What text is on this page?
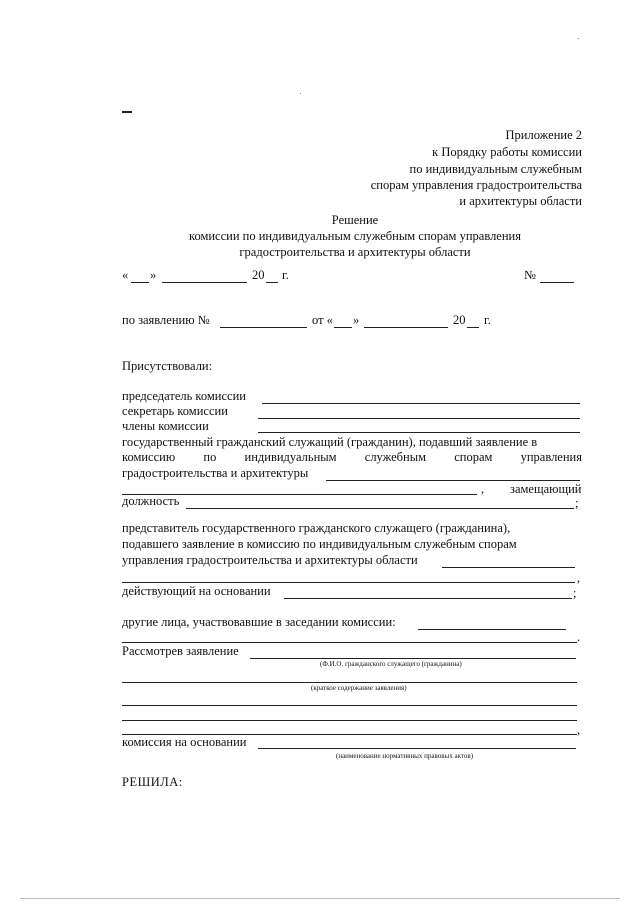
Приложение 2
к Порядку работы комиссии
по индивидуальным служебным
спорам управления градостроительства
и архитектуры области
Решение
комиссии по индивидуальным служебным спорам управления
градостроительства и архитектуры области
« »	20 г.	№
по заявлению №	от « »	20 г.
Присутствовали:
председатель комиссии
секретарь комиссии
члены комиссии
государственный гражданский служащий (гражданин), подавший заявление в
комиссию по индивидуальным служебным спорам управления
градостроительства и архитектуры
, замещающий
должность	;
представитель государственного гражданского служащего (гражданина),
подавшего заявление в комиссию по индивидуальным служебным спорам
управления градостроительства и архитектуры области
,
действующий на основании	;
другие лица, участвовавшие в заседании комиссии:
.
Рассмотрев заявление
(Ф.И.О. гражданского служащего (гражданина)
(краткое содержание заявления)
,
комиссия на основании
(наименование нормативных правовых актов)
РЕШИЛА:
